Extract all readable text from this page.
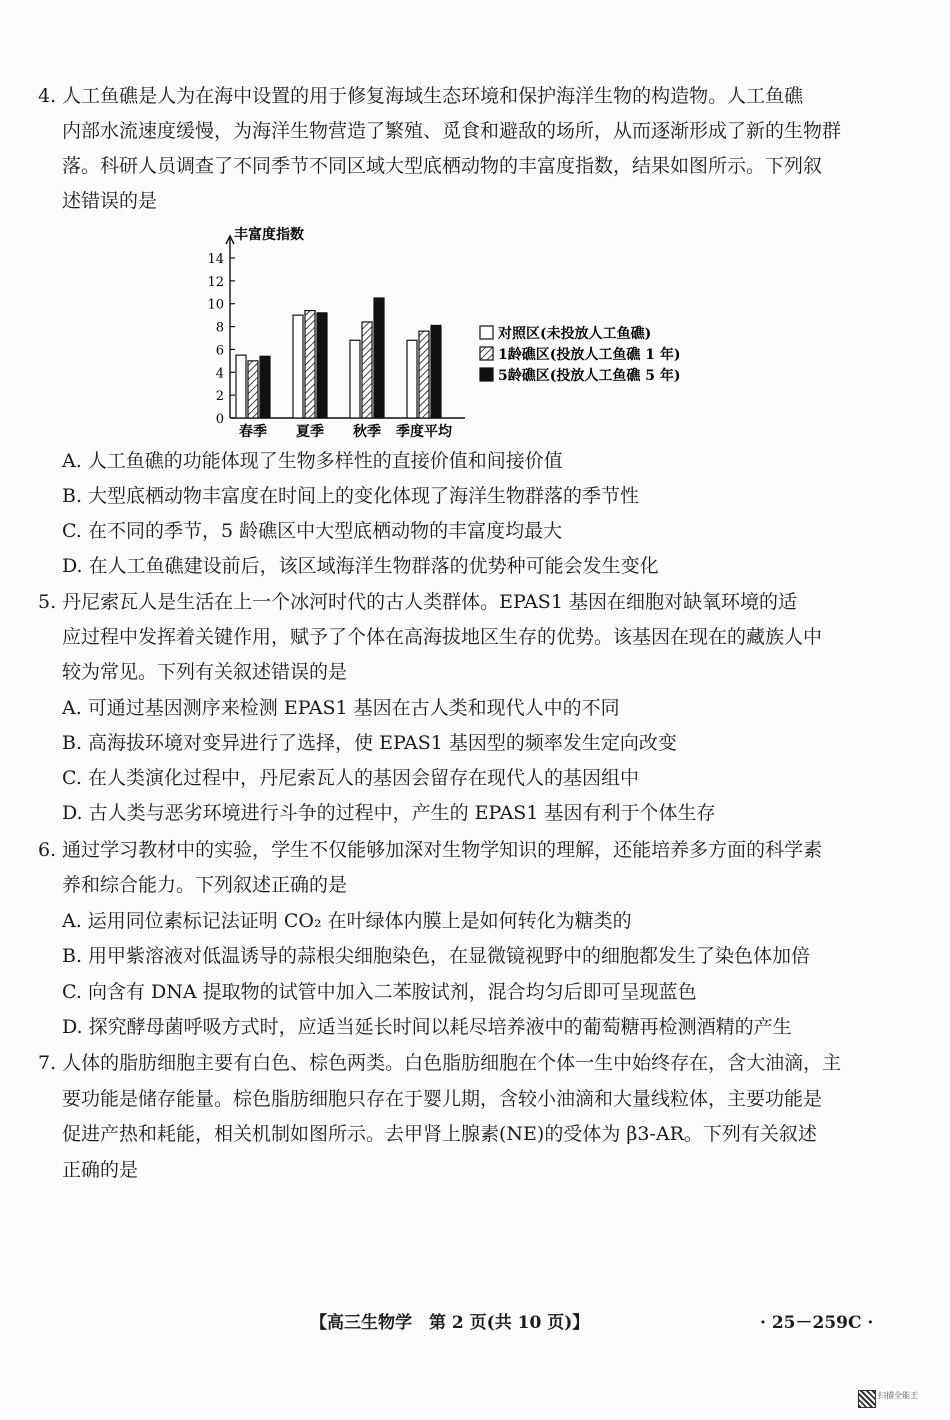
4. 人工鱼礁是人为在海中设置的用于修复海域生态环境和保护海洋生物的构造物。人工鱼礁
内部水流速度缓慢，为海洋生物营造了繁殖、觅食和避敌的场所，从而逐渐形成了新的生物群
落。科研人员调查了不同季节不同区域大型底栖动物的丰富度指数，结果如图所示。下列叙
述错误的是
丰富度指数
0
2
4
6
8
10
12
14
春季 夏季 秋季 季度平均
对照区(未投放人工鱼礁)
1龄礁区(投放人工鱼礁 1 年)
5龄礁区(投放人工鱼礁 5 年)
A. 人工鱼礁的功能体现了生物多样性的直接价值和间接价值
B. 大型底栖动物丰富度在时间上的变化体现了海洋生物群落的季节性
C. 在不同的季节，5 龄礁区中大型底栖动物的丰富度均最大
D. 在人工鱼礁建设前后，该区域海洋生物群落的优势种可能会发生变化
5. 丹尼索瓦人是生活在上一个冰河时代的古人类群体。EPAS1 基因在细胞对缺氧环境的适
应过程中发挥着关键作用，赋予了个体在高海拔地区生存的优势。该基因在现在的藏族人中
较为常见。下列有关叙述错误的是
A. 可通过基因测序来检测 EPAS1 基因在古人类和现代人中的不同
B. 高海拔环境对变异进行了选择，使 EPAS1 基因型的频率发生定向改变
C. 在人类演化过程中，丹尼索瓦人的基因会留存在现代人的基因组中
D. 古人类与恶劣环境进行斗争的过程中，产生的 EPAS1 基因有利于个体生存
6. 通过学习教材中的实验，学生不仅能够加深对生物学知识的理解，还能培养多方面的科学素
养和综合能力。下列叙述正确的是
A. 运用同位素标记法证明 CO₂ 在叶绿体内膜上是如何转化为糖类的
B. 用甲紫溶液对低温诱导的蒜根尖细胞染色，在显微镜视野中的细胞都发生了染色体加倍
C. 向含有 DNA 提取物的试管中加入二苯胺试剂，混合均匀后即可呈现蓝色
D. 探究酵母菌呼吸方式时，应适当延长时间以耗尽培养液中的葡萄糖再检测酒精的产生
7. 人体的脂肪细胞主要有白色、棕色两类。白色脂肪细胞在个体一生中始终存在，含大油滴，主
要功能是储存能量。棕色脂肪细胞只存在于婴儿期，含较小油滴和大量线粒体，主要功能是
促进产热和耗能，相关机制如图所示。去甲肾上腺素(NE)的受体为 β3-AR。下列有关叙述
正确的是
【高三生物学　第 2 页(共 10 页)】	· 25－259C ·
扫描全能王
